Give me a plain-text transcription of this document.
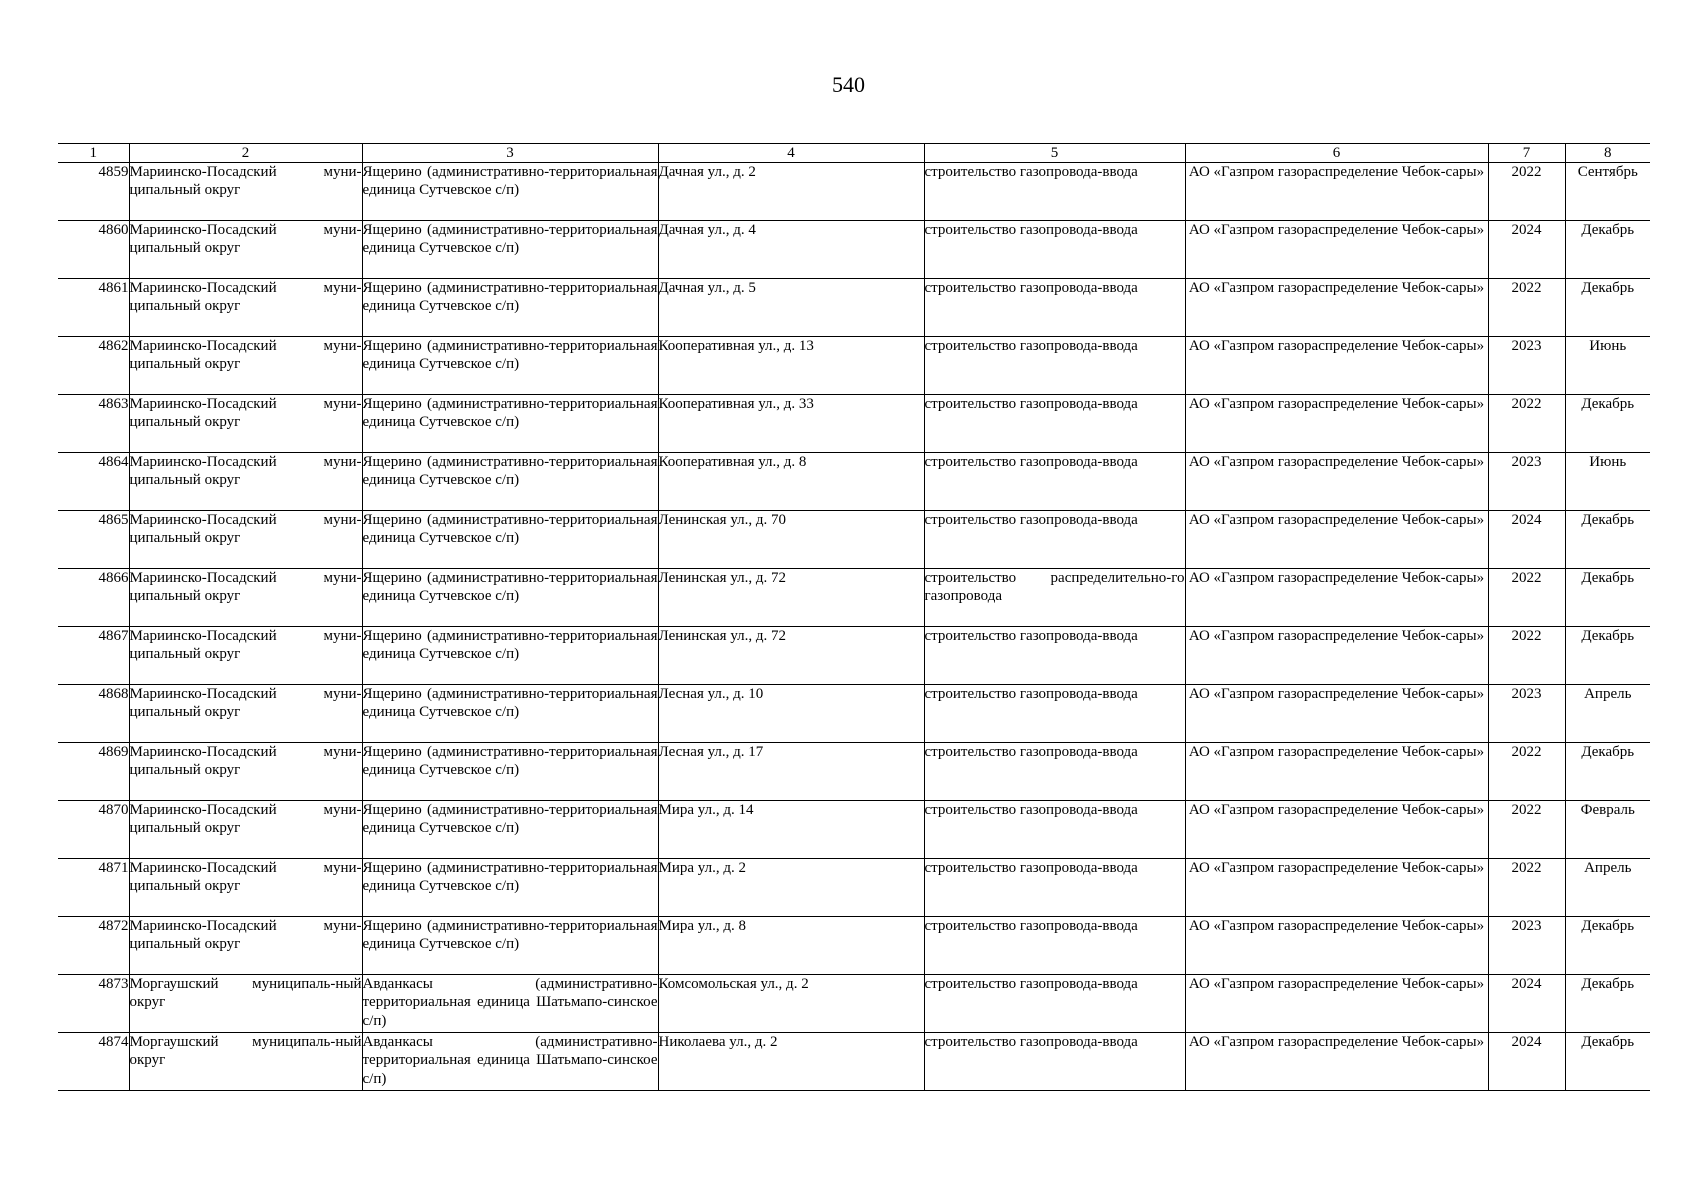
540
1	2	3	4	5	6	7	8
4859	Мариинско-Посадский муни-ципальный округ	Ящерино (административно-территориальная единица Сутчевское с/п)	Дачная ул., д. 2	строительство газопровода-ввода	АО «Газпром газораспределение Чебок-сары»	2022	Сентябрь
4860	Мариинско-Посадский муни-ципальный округ	Ящерино (административно-территориальная единица Сутчевское с/п)	Дачная ул., д. 4	строительство газопровода-ввода	АО «Газпром газораспределение Чебок-сары»	2024	Декабрь
4861	Мариинско-Посадский муни-ципальный округ	Ящерино (административно-территориальная единица Сутчевское с/п)	Дачная ул., д. 5	строительство газопровода-ввода	АО «Газпром газораспределение Чебок-сары»	2022	Декабрь
4862	Мариинско-Посадский муни-ципальный округ	Ящерино (административно-территориальная единица Сутчевское с/п)	Кооперативная ул., д. 13	строительство газопровода-ввода	АО «Газпром газораспределение Чебок-сары»	2023	Июнь
4863	Мариинско-Посадский муни-ципальный округ	Ящерино (административно-территориальная единица Сутчевское с/п)	Кооперативная ул., д. 33	строительство газопровода-ввода	АО «Газпром газораспределение Чебок-сары»	2022	Декабрь
4864	Мариинско-Посадский муни-ципальный округ	Ящерино (административно-территориальная единица Сутчевское с/п)	Кооперативная ул., д. 8	строительство газопровода-ввода	АО «Газпром газораспределение Чебок-сары»	2023	Июнь
4865	Мариинско-Посадский муни-ципальный округ	Ящерино (административно-территориальная единица Сутчевское с/п)	Ленинская ул., д. 70	строительство газопровода-ввода	АО «Газпром газораспределение Чебок-сары»	2024	Декабрь
4866	Мариинско-Посадский муни-ципальный округ	Ящерино (административно-территориальная единица Сутчевское с/п)	Ленинская ул., д. 72	строительство распределительно-го газопровода	АО «Газпром газораспределение Чебок-сары»	2022	Декабрь
4867	Мариинско-Посадский муни-ципальный округ	Ящерино (административно-территориальная единица Сутчевское с/п)	Ленинская ул., д. 72	строительство газопровода-ввода	АО «Газпром газораспределение Чебок-сары»	2022	Декабрь
4868	Мариинско-Посадский муни-ципальный округ	Ящерино (административно-территориальная единица Сутчевское с/п)	Лесная ул., д. 10	строительство газопровода-ввода	АО «Газпром газораспределение Чебок-сары»	2023	Апрель
4869	Мариинско-Посадский муни-ципальный округ	Ящерино (административно-территориальная единица Сутчевское с/п)	Лесная ул., д. 17	строительство газопровода-ввода	АО «Газпром газораспределение Чебок-сары»	2022	Декабрь
4870	Мариинско-Посадский муни-ципальный округ	Ящерино (административно-территориальная единица Сутчевское с/п)	Мира ул., д. 14	строительство газопровода-ввода	АО «Газпром газораспределение Чебок-сары»	2022	Февраль
4871	Мариинско-Посадский муни-ципальный округ	Ящерино (административно-территориальная единица Сутчевское с/п)	Мира ул., д. 2	строительство газопровода-ввода	АО «Газпром газораспределение Чебок-сары»	2022	Апрель
4872	Мариинско-Посадский муни-ципальный округ	Ящерино (административно-территориальная единица Сутчевское с/п)	Мира ул., д. 8	строительство газопровода-ввода	АО «Газпром газораспределение Чебок-сары»	2023	Декабрь
4873	Моргаушский муниципаль-ный округ	Авданкасы (административно-территориальная единица Шатьмапо-синское с/п)	Комсомольская ул., д. 2	строительство газопровода-ввода	АО «Газпром газораспределение Чебок-сары»	2024	Декабрь
4874	Моргаушский муниципаль-ный округ	Авданкасы (административно-территориальная единица Шатьмапо-синское с/п)	Николаева ул., д. 2	строительство газопровода-ввода	АО «Газпром газораспределение Чебок-сары»	2024	Декабрь
